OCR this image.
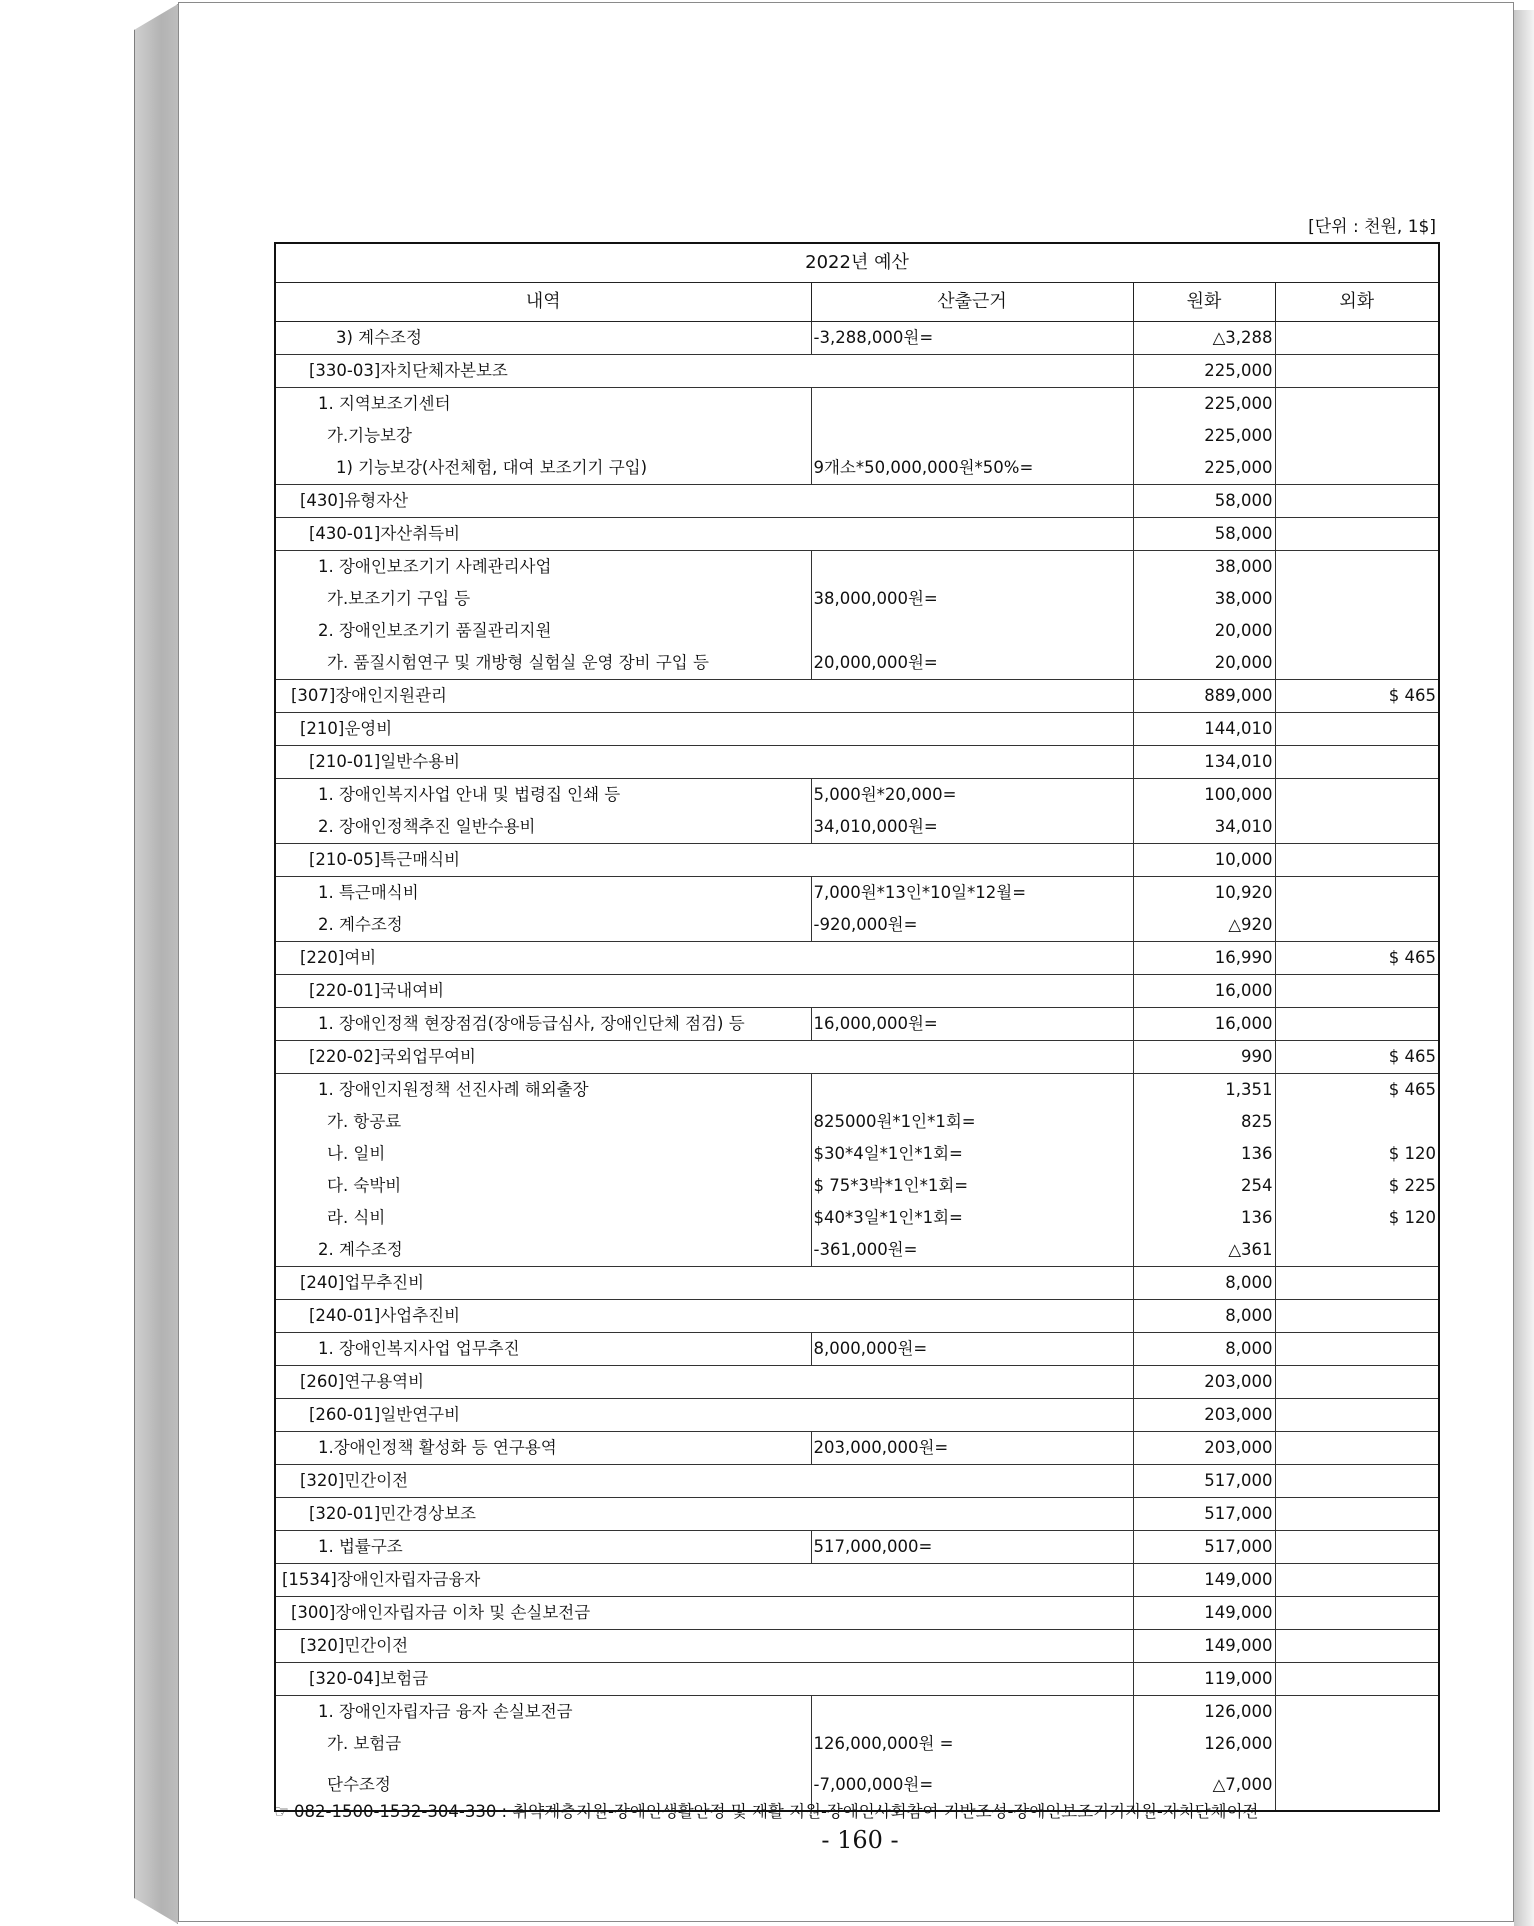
[단위 : 천원, 1$]
2022년 예산			
내역	산출근거	원화	외화
3) 계수조정	-3,288,000원=	△3,288	
[330-03]자치단체자본보조		225,000	
1. 지역보조기센터		225,000	
가.기능보강		225,000	
1) 기능보강(사전체험, 대여 보조기기 구입)	9개소*50,000,000원*50%=	225,000	
[430]유형자산		58,000	
[430-01]자산취득비		58,000	
1. 장애인보조기기 사례관리사업		38,000	
가.보조기기 구입 등	38,000,000원=	38,000	
2. 장애인보조기기 품질관리지원		20,000	
가. 품질시험연구 및 개방형 실험실 운영 장비 구입 등	20,000,000원=	20,000	
[307]장애인지원관리		889,000	$ 465
[210]운영비		144,010	
[210-01]일반수용비		134,010	
1. 장애인복지사업 안내 및 법령집 인쇄 등	5,000원*20,000=	100,000	
2. 장애인정책추진 일반수용비	34,010,000원=	34,010	
[210-05]특근매식비		10,000	
1. 특근매식비	7,000원*13인*10일*12월=	10,920	
2. 계수조정	-920,000원=	△920	
[220]여비		16,990	$ 465
[220-01]국내여비		16,000	
1. 장애인정책 현장점검(장애등급심사, 장애인단체 점검) 등	16,000,000원=	16,000	
[220-02]국외업무여비		990	$ 465
1. 장애인지원정책 선진사례 해외출장		1,351	$ 465
가. 항공료	825000원*1인*1회=	825	
나. 일비	$30*4일*1인*1회=	136	$ 120
다. 숙박비	$ 75*3박*1인*1회=	254	$ 225
라. 식비	$40*3일*1인*1회=	136	$ 120
2. 계수조정	-361,000원=	△361	
[240]업무추진비		8,000	
[240-01]사업추진비		8,000	
1. 장애인복지사업 업무추진	8,000,000원=	8,000	
[260]연구용역비		203,000	
[260-01]일반연구비		203,000	
1.장애인정책 활성화 등 연구용역	203,000,000원=	203,000	
[320]민간이전		517,000	
[320-01]민간경상보조		517,000	
1. 법률구조	517,000,000=	517,000	
[1534]장애인자립자금융자		149,000	
[300]장애인자립자금 이차 및 손실보전금		149,000	
[320]민간이전		149,000	
[320-04]보험금		119,000	
1. 장애인자립자금 융자 손실보전금		126,000	
가. 보험금	126,000,000원 =	126,000	
단수조정	-7,000,000원=	△7,000	
☞ 082-1500-1532-304-330 : 취약계층지원-장애인생활안정 및 재활 지원-장애인사회참여 기반조성-장애인보조기기지원-자치단체이전
- 160 -
